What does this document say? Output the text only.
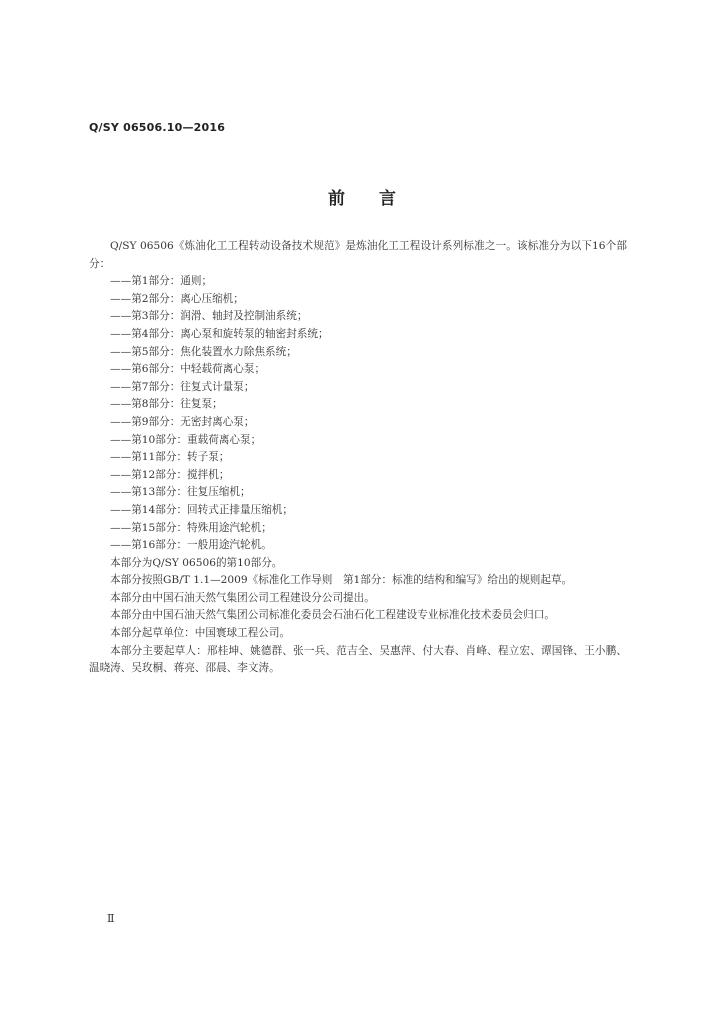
Q/SY 06506.10—2016
前言

Q/SY 06506《炼油化工工程转动设备技术规范》是炼油化工工程设计系列标准之一。该标准分为以下16个部分：

——第1部分：通则；
——第2部分：离心压缩机；
——第3部分：润滑、轴封及控制油系统；
——第4部分：离心泵和旋转泵的轴密封系统；
——第5部分：焦化装置水力除焦系统；
——第6部分：中轻载荷离心泵；
——第7部分：往复式计量泵；
——第8部分：往复泵；
——第9部分：无密封离心泵；
——第10部分：重载荷离心泵；
——第11部分：转子泵；
——第12部分：搅拌机；
——第13部分：往复压缩机；
——第14部分：回转式正排量压缩机；
——第15部分：特殊用途汽轮机；
——第16部分：一般用途汽轮机。

本部分为Q/SY 06506的第10部分。

本部分按照GB/T 1.1—2009《标准化工作导则　第1部分：标准的结构和编写》给出的规则起草。

本部分由中国石油天然气集团公司工程建设分公司提出。

本部分由中国石油天然气集团公司标准化委员会石油石化工程建设专业标准化技术委员会归口。

本部分起草单位：中国寰球工程公司。

本部分主要起草人：邢桂坤、姚德群、张一兵、范吉全、吴惠萍、付大春、肖峰、程立宏、谭国锋、王小鹏、温晓涛、吴玫桐、蒋亮、邵晨、李文涛。

Ⅱ
